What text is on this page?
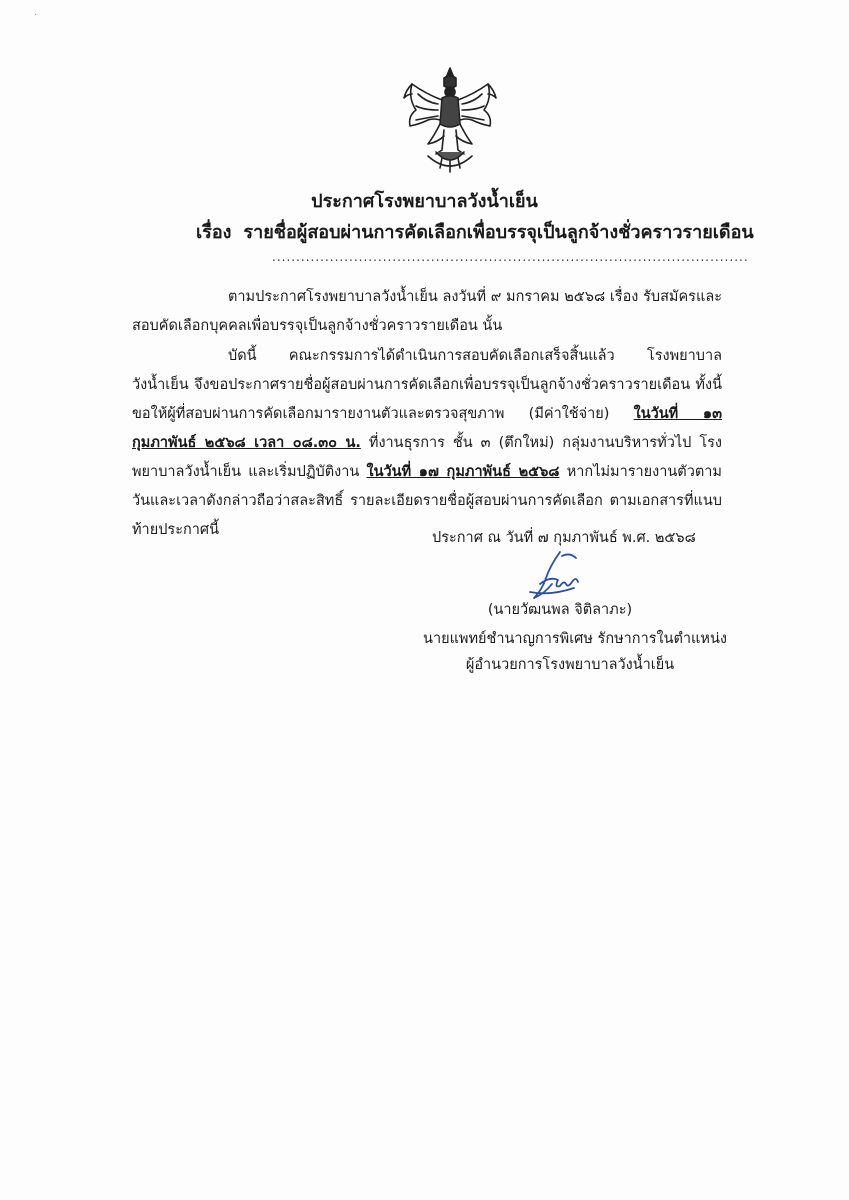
·
ประกาศโรงพยาบาลวังน้ำเย็น
เรื่อง รายชื่อผู้สอบผ่านการคัดเลือกเพื่อบรรจุเป็นลูกจ้างชั่วคราวรายเดือน
...................................................................................................
ตามประกาศโรงพยาบาลวังน้ำเย็น ลงวันที่ ๙ มกราคม ๒๕๖๘ เรื่อง รับสมัครและสอบคัดเลือกบุคคลเพื่อบรรจุเป็นลูกจ้างชั่วคราวรายเดือน นั้น
บัดนี้ คณะกรรมการได้ดำเนินการสอบคัดเลือกเสร็จสิ้นแล้ว โรงพยาบาลวังน้ำเย็น จึงขอประกาศรายชื่อผู้สอบผ่านการคัดเลือกเพื่อบรรจุเป็นลูกจ้างชั่วคราวรายเดือน ทั้งนี้ขอให้ผู้ที่สอบผ่านการคัดเลือกมารายงานตัวและตรวจสุขภาพ (มีค่าใช้จ่าย) ในวันที่ ๑๓ กุมภาพันธ์ ๒๕๖๘ เวลา ๐๘.๓๐ น. ที่งานธุรการ ชั้น ๓ (ตึกใหม่) กลุ่มงานบริหารทั่วไป โรงพยาบาลวังน้ำเย็น และเริ่มปฏิบัติงาน ในวันที่ ๑๗ กุมภาพันธ์ ๒๕๖๘ หากไม่มารายงานตัวตามวันและเวลาดังกล่าวถือว่าสละสิทธิ์ รายละเอียดรายชื่อผู้สอบผ่านการคัดเลือก ตามเอกสารที่แนบท้ายประกาศนี้	ประกาศ ณ วันที่ ๗ กุมภาพันธ์ พ.ศ. ๒๕๖๘
(นายวัฒนพล จิติลาภะ)
นายแพทย์ชำนาญการพิเศษ รักษาการในตำแหน่ง
ผู้อำนวยการโรงพยาบาลวังน้ำเย็น
